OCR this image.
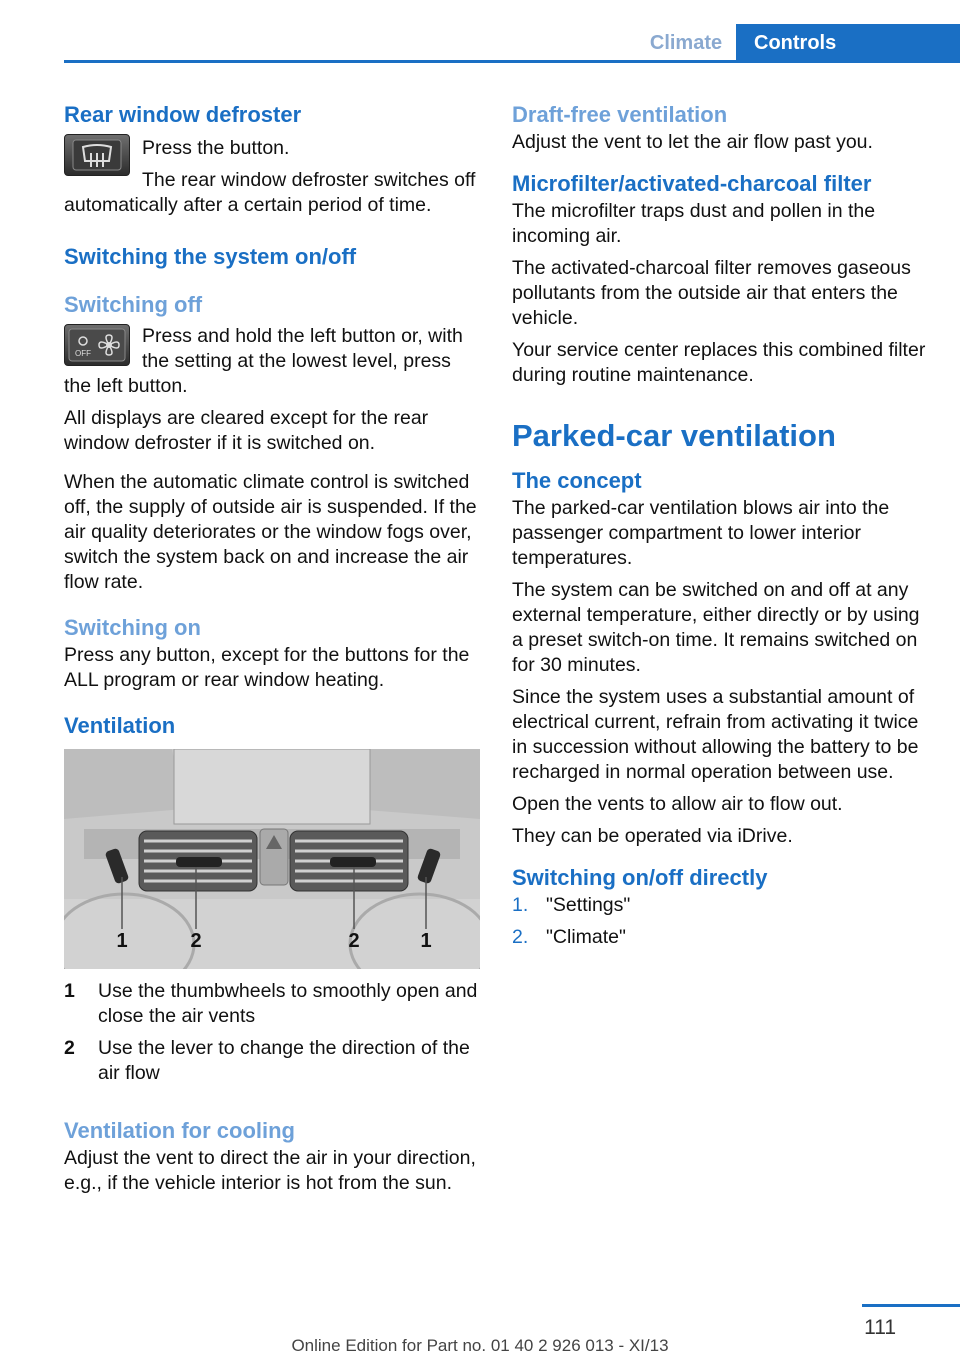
Climate	Controls
Rear window defroster

Press the button.

The rear window defroster switches off automatically after a certain period of time.

Switching the system on/off
Switching off
OFF

Press and hold the left button or, with the setting at the lowest level, press the left button.

All displays are cleared except for the rear window defroster if it is switched on.

When the automatic climate control is switched off, the supply of outside air is suspended. If the air quality deteriorates or the window fogs over, switch the system back on and increase the air flow rate.

Switching on

Press any button, except for the buttons for the ALL program or rear window heating.

Ventilation
1	2	2	1
1	Use the thumbwheels to smoothly open and close the air vents
2	Use the lever to change the direction of the air flow
Ventilation for cooling

Adjust the vent to direct the air in your direction, e.g., if the vehicle interior is hot from the sun.

Draft-free ventilation

Adjust the vent to let the air flow past you.

Microfilter/activated-charcoal filter

The microfilter traps dust and pollen in the incoming air.

The activated-charcoal filter removes gaseous pollutants from the outside air that enters the vehicle.

Your service center replaces this combined filter during routine maintenance.

Parked-car ventilation
The concept

The parked-car ventilation blows air into the passenger compartment to lower interior temperatures.

The system can be switched on and off at any external temperature, either directly or by using a preset switch-on time. It remains switched on for 30 minutes.

Since the system uses a substantial amount of electrical current, refrain from activating it twice in succession without allowing the battery to be recharged in normal operation between use.

Open the vents to allow air to flow out.

They can be operated via iDrive.

Switching on/off directly
1. "Settings"
2. "Climate"
111
Online Edition for Part no. 01 40 2 926 013 - XI/13
